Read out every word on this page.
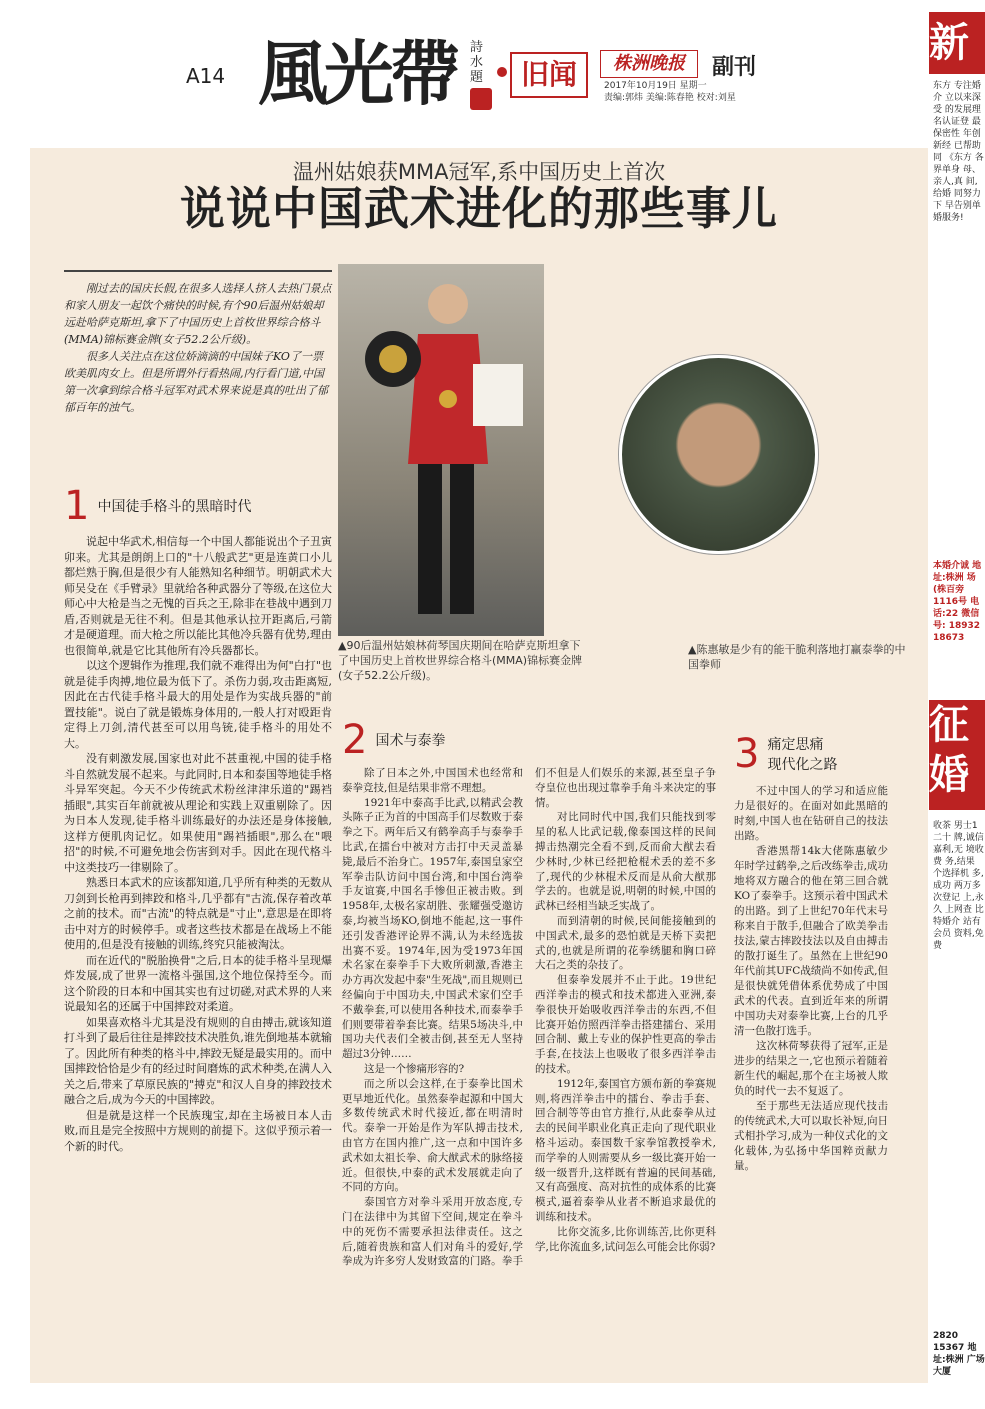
A14 風光帶 詩水題	旧闻	株洲晚报	副刊
2017年10月19日 星期一
责编:郭炜 美编:陈春艳 校对:刘星
温州姑娘获MMA冠军,系中国历史上首次
说说中国武术进化的那些事儿

刚过去的国庆长假,在很多人选择人挤人去热门景点和家人朋友一起饮个痛快的时候,有个90后温州姑娘却远赴哈萨克斯坦,拿下了中国历史上首枚世界综合格斗(MMA)锦标赛金牌(女子52.2公斤级)。

很多人关注点在这位娇滴滴的中国妹子KO了一票欧美肌肉女上。但是所谓外行看热闹,内行看门道,中国第一次拿到综合格斗冠军对武术界来说是真的吐出了郁郁百年的浊气。

▲90后温州姑娘林荷琴国庆期间在哈萨克斯坦拿下了中国历史上首枚世界综合格斗(MMA)锦标赛金牌(女子52.2公斤级)。
▲陈惠敏是少有的能干脆利落地打赢泰拳的中国拳师
1 中国徒手格斗的黑暗时代

说起中华武术,相信每一个中国人都能说出个子丑寅卯来。尤其是朗朗上口的"十八般武艺"更是连黄口小儿都烂熟于胸,但是很少有人能熟知名种细节。明朝武术大师吴殳在《手臂录》里就给各种武器分了等级,在这位大师心中大枪是当之无愧的百兵之王,除非在巷战中遇到刀盾,否则就是无往不利。但是其他承认拉开距离后,弓箭才是硬道理。而大枪之所以能比其他冷兵器有优势,理由也很简单,就是它比其他所有冷兵器都长。

以这个逻辑作为推理,我们就不难得出为何"白打"也就是徒手肉搏,地位最为低下了。杀伤力弱,攻击距离短,因此在古代徒手格斗最大的用处是作为实战兵器的"前置技能"。说白了就是锻炼身体用的,一般人打对殴距肯定得上刀剑,清代甚至可以用鸟铳,徒手格斗的用处不大。

没有刺激发展,国家也对此不甚重视,中国的徒手格斗自然就发展不起来。与此同时,日本和泰国等地徒手格斗异军突起。今天不少传统武术粉丝津津乐道的"踢裆插眼",其实百年前就被从理论和实践上双重剔除了。因为日本人发现,徒手格斗训练最好的办法还是身体接触,这样方便肌肉记忆。如果使用"踢裆插眼",那么在"喂招"的时候,不可避免地会伤害到对手。因此在现代格斗中这类技巧一律剔除了。

熟悉日本武术的应该都知道,几乎所有种类的无数从刀剑到长枪再到摔跤和格斗,几乎都有"古流,保存着改革之前的技术。而"古流"的特点就是"寸止",意思是在即将击中对方的时候停手。或者这些技术都是在战场上不能使用的,但是没有接触的训练,终究只能被淘汰。

而在近代的"脱胎换骨"之后,日本的徒手格斗呈现爆炸发展,成了世界一流格斗强国,这个地位保持至今。而这个阶段的日本和中国其实也有过切磋,对武术界的人来说最知名的还属于中国摔跤对柔道。

如果喜欢格斗尤其是没有规则的自由搏击,就该知道打斗到了最后往往是摔跤技术决胜负,谁先倒地基本就输了。因此所有种类的格斗中,摔跤无疑是最实用的。而中国摔跤恰恰是少有的经过时间磨炼的武术种类,在满人入关之后,带来了草原民族的"搏克"和汉人自身的摔跤技术融合之后,成为今天的中国摔跤。

但是就是这样一个民族瑰宝,却在主场被日本人击败,而且是完全按照中方规则的前提下。这似乎预示着一个新的时代。

2 国术与泰拳

除了日本之外,中国国术也经常和泰拳竞技,但是结果非常不理想。

1921年中泰高手比武,以精武会教头陈子正为首的中国高手们尽数败于泰拳之下。两年后又有鹤拳高手与泰拳手比武,在擂台中被对方击打中天灵盖暴毙,最后不治身亡。1957年,泰国皇家空军拳击队访问中国台湾,和中国台湾拳手友谊赛,中国名手惨但正被击败。到1958年,太极名家胡胜、张耀强受邀访泰,均被当场KO,倒地不能起,这一事件还引发香港评论界不满,认为未经选拔出赛不妥。1974年,因为受1973年国术名家在泰拳手下大败所刺激,香港主办方再次发起中泰"生死战",而且规则已经偏向于中国功夫,中国武术家们空手不戴拳套,可以使用各种技术,而泰拳手们则要带着拳套比赛。结果5场决斗,中国功夫代表们全被击倒,甚至无人坚持超过3分钟……

这是一个惨痛形容的?

而之所以会这样,在于泰拳比国术更早地近代化。虽然泰拳起源和中国大多数传统武术时代接近,都在明清时代。泰拳一开始是作为军队搏击技术,由官方在国内推广,这一点和中国许多武术如太祖长拳、俞大猷武术的脉络接近。但很快,中泰的武术发展就走向了不同的方向。

泰国官方对拳斗采用开放态度,专门在法律中为其留下空间,规定在拳斗中的死伤不需要承担法律责任。这之后,随着贵族和富人们对角斗的爱好,学拳成为许多穷人发财致富的门路。拳手们不但是人们娱乐的来源,甚至皇子争夺皇位也出现过靠拳手角斗来决定的事情。

对比同时代中国,我们只能找到零星的私人比武记载,像泰国这样的民间搏击热潮完全看不到,反而俞大猷去看少林时,少林已经把枪棍术丢的差不多了,现代的少林棍术反而是从俞大猷那学去的。也就是说,明朝的时候,中国的武林已经相当缺乏实战了。

而到清朝的时候,民间能接触到的中国武术,最多的恐怕就是天桥下卖把式的,也就是所谓的花拳绣腿和胸口碎大石之类的杂技了。

但泰拳发展并不止于此。19世纪西洋拳击的模式和技术都进入亚洲,泰拳很快开始吸收西洋拳击的东西,不但比赛开始仿照西洋拳击搭建擂台、采用回合制、戴上专业的保护性更高的拳击手套,在技法上也吸收了很多西洋拳击的技术。

1912年,泰国官方颁布新的拳赛规则,将西洋拳击中的擂台、拳击手套、回合制等等由官方推行,从此泰拳从过去的民间半职业化真正走向了现代职业格斗运动。泰国数千家拳馆教授拳术,而学拳的人则需要从乡一级比赛开始一级一级晋升,这样既有普遍的民间基础,又有高强度、高对抗性的成体系的比赛模式,逼着泰拳从业者不断追求最优的训练和技术。

比你交流多,比你训练苦,比你更科学,比你流血多,试问怎么可能会比你弱?

3 痛定思痛
现代化之路

不过中国人的学习和适应能力是很好的。在面对如此黑暗的时刻,中国人也在钻研自己的技法出路。

香港黑帮14k大佬陈惠敏少年时学过鹤拳,之后改练拳击,成功地将双方融合的他在第三回合就KO了泰拳手。这预示着中国武术的出路。到了上世纪70年代末号称来自于散手,但融合了欧美拳击技法,蒙古摔跤技法以及自由搏击的散打诞生了。虽然在上世纪90年代前其UFC战绩尚不如传武,但是很快就凭借体系优势成了中国武术的代表。直到近年来的所谓中国功夫对泰拳比赛,上台的几乎清一色散打选手。

这次林荷琴获得了冠军,正是进步的结果之一,它也预示着随着新生代的崛起,那个在主场被人欺负的时代一去不复返了。

至于那些无法适应现代技击的传统武术,大可以取长补短,向日式相扑学习,成为一种仪式化的文化载体,为弘扬中华国粹贡献力量。

新
东方 专注婚介 立以来深受 的发展理 名认证登 最保密性 年创新经 已帮助同 《东方 各界单身 母、亲人,真 间,给婚 同努力下 早告别单 婚服务!
本婚介诚 地址:株洲 场(株百旁 1116号 电话:22 微信号: 18932 18673
征婚
收茶 男士1 二十 牌,诚信 嘉利,无 境收费 务,结果 个选择机 多,成功 两万多 次登记 上,永久 上网查 比特婚介 站有会员 资料,免费
2820 15367 地址:株洲 广场大厦
